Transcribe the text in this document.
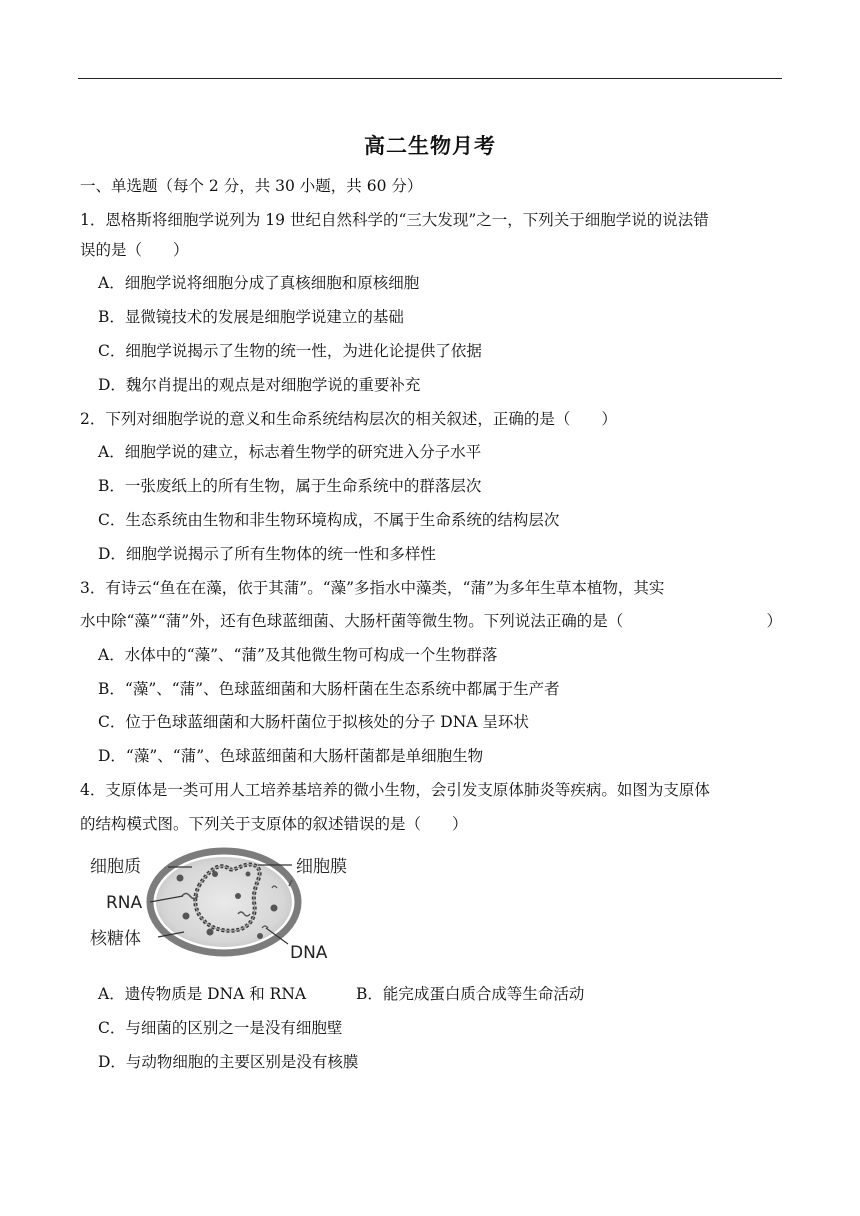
高二生物月考
一、单选题（每个 2 分，共 30 小题，共 60 分）
1．恩格斯将细胞学说列为 19 世纪自然科学的“三大发现”之一，下列关于细胞学说的说法错
误的是（　　）
A．细胞学说将细胞分成了真核细胞和原核细胞
B．显微镜技术的发展是细胞学说建立的基础
C．细胞学说揭示了生物的统一性，为进化论提供了依据
D．魏尔肖提出的观点是对细胞学说的重要补充
2．下列对细胞学说的意义和生命系统结构层次的相关叙述，正确的是（　　）
A．细胞学说的建立，标志着生物学的研究进入分子水平
B．一张废纸上的所有生物，属于生命系统中的群落层次
C．生态系统由生物和非生物环境构成，不属于生命系统的结构层次
D．细胞学说揭示了所有生物体的统一性和多样性
3．有诗云“鱼在在藻，依于其蒲”。“藻”多指水中藻类，“蒲”为多年生草本植物，其实
水中除“藻”“蒲”外，还有色球蓝细菌、大肠杆菌等微生物。下列说法正确的是（	）
A．水体中的“藻”、“蒲”及其他微生物可构成一个生物群落
B．“藻”、“蒲”、色球蓝细菌和大肠杆菌在生态系统中都属于生产者
C．位于色球蓝细菌和大肠杆菌位于拟核处的分子 DNA 呈环状
D．“藻”、“蒲”、色球蓝细菌和大肠杆菌都是单细胞生物
4．支原体是一类可用人工培养基培养的微小生物，会引发支原体肺炎等疾病。如图为支原体
的结构模式图。下列关于支原体的叙述错误的是（　　）
细胞质	细胞膜
RNA
核糖体
DNA
A．遗传物质是 DNA 和 RNA	B．能完成蛋白质合成等生命活动
C．与细菌的区别之一是没有细胞壁
D．与动物细胞的主要区别是没有核膜
